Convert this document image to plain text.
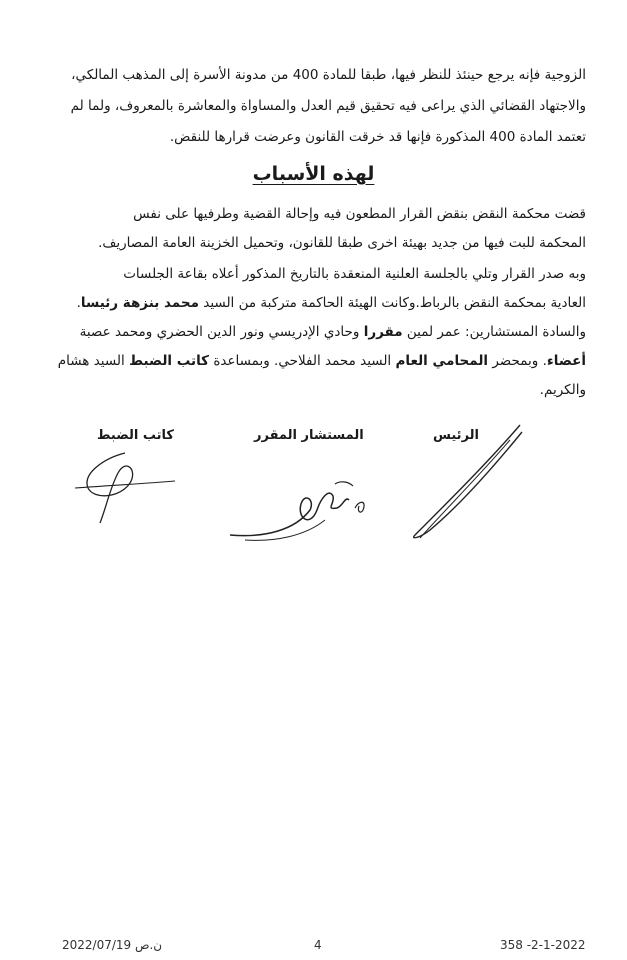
الزوجية فإنه يرجع حينئذ للنظر فيها، طبقا للمادة 400 من مدونة الأسرة إلى المذهب المالكي،

والاجتهاد القضائي الذي يراعى فيه تحقيق قيم العدل والمساواة والمعاشرة بالمعروف، ولما لم

تعتمد المادة 400 المذكورة فإنها قد خرقت القانون وعرضت قرارها للنقض.

لهذه الأسباب

قضت محكمة النقض بنقض القرار المطعون فيه وإحالة القضية وطرفيها على نفس

المحكمة للبت فيها من جديد بهيئة اخرى طبقا للقانون، وتحميل الخزينة العامة المصاريف.

وبه صدر القرار وتلي بالجلسة العلنية المنعقدة بالتاريخ المذكور أعلاه بقاعة الجلسات

العادية بمحكمة النقض بالرباط.وكانت الهيئة الحاكمة متركبة من السيد محمد بنزهة رئيسا.

والسادة المستشارين: عمر لمين مقررا وحادي الإدريسي ونور الدين الحضري ومحمد عصبة

أعضاء. وبمحضر المحامي العام السيد محمد الفلاحي. وبمساعدة كاتب الضبط السيد هشام

والكريم.

الرئيس
المستشار المقرر
كاتب الضبط
ن.ص 2022/07/19	4	358 -2-1-2022
